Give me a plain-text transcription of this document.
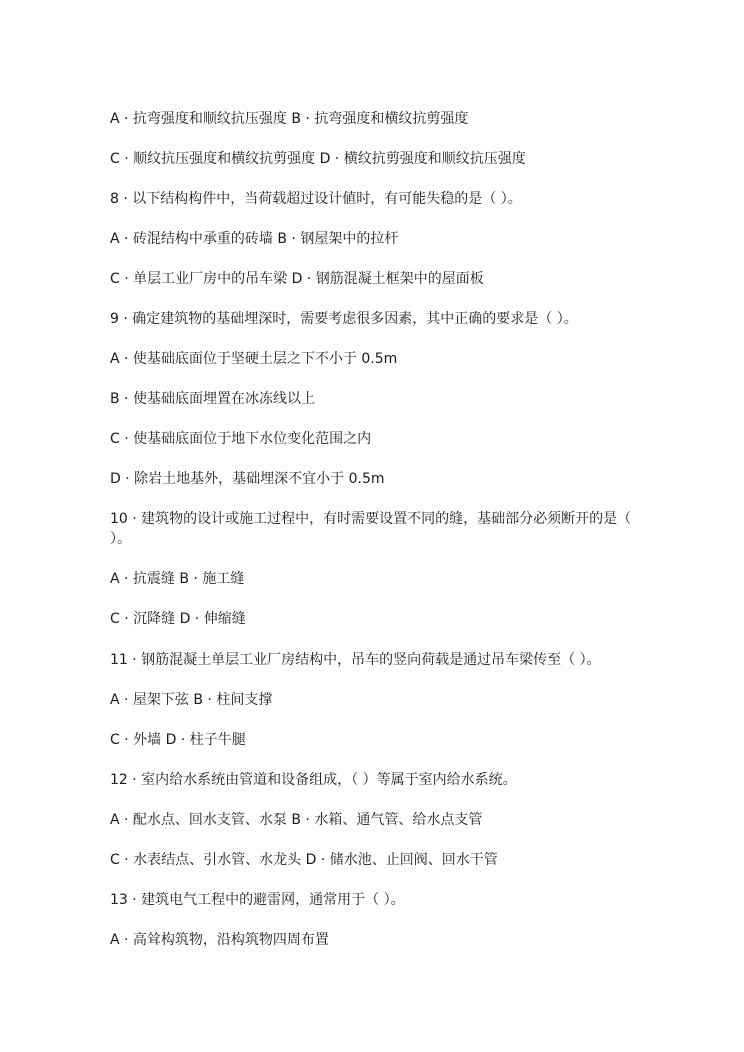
A · 抗弯强度和顺纹抗压强度 B · 抗弯强度和横纹抗剪强度
C · 顺纹抗压强度和横纹抗剪强度 D · 横纹抗剪强度和顺纹抗压强度
8 · 以下结构构件中，当荷载超过设计値时，有可能失稳的是（ ）。
A · 砖混结构中承重的砖墙 B · 钢屋架中的拉杆
C · 单层工业厂房中的吊车梁 D · 钢筋混凝土框架中的屋面板
9 · 确定建筑物的基础埋深时，需要考虑很多因素，其中正确的要求是（ ）。
A · 使基础底面位于坚硬土层之下不小于 0.5m
B · 使基础底面埋置在冰冻线以上
C · 使基础底面位于地下水位变化范围之内
D · 除岩土地基外，基础埋深不宜小于 0.5m
10 · 建筑物的设计或施工过程中，有时需要设置不同的缝，基础部分必须断开的是（ ）。
A · 抗震缝 B · 施工缝
C · 沉降缝 D · 伸缩缝
11 · 钢筋混凝土单层工业厂房结构中，吊车的竖向荷载是通过吊车梁传至（ ）。
A · 屋架下弦 B · 柱间支撑
C · 外墙 D · 柱子牛腿
12 · 室内给水系统由管道和设备组成，（ ）等属于室内给水系统。
A · 配水点、回水支管、水泵 B · 水箱、通气管、给水点支管
C · 水表结点、引水管、水龙头 D · 储水池、止回阀、回水干管
13 · 建筑电气工程中的避雷网，通常用于（ ）。
A · 高耸构筑物，沿构筑物四周布置
